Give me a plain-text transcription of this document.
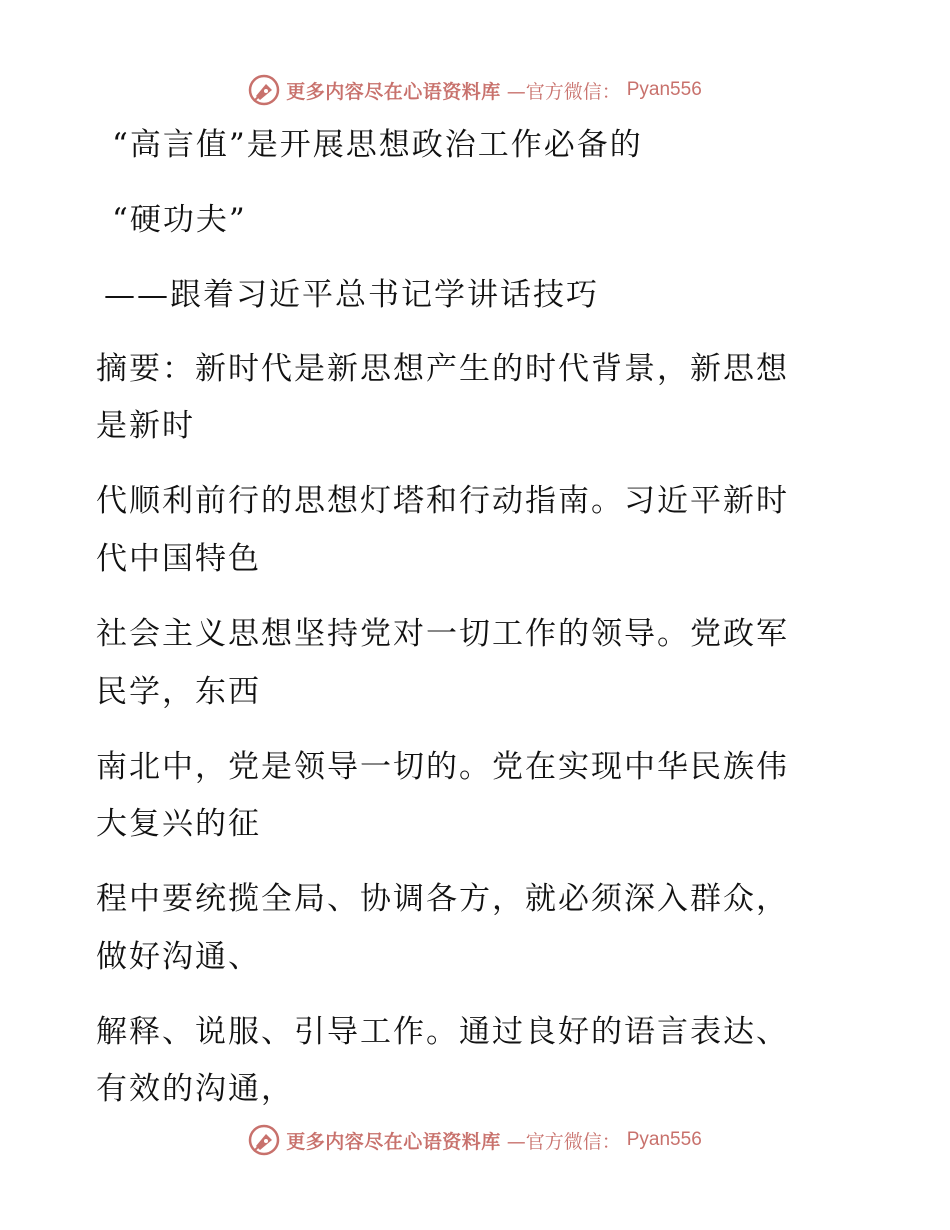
更多内容尽在心语资料库 —官方微信： Pyan556
“高言值”是开展思想政治工作必备的
“硬功夫”
——跟着习近平总书记学讲话技巧
摘要：新时代是新思想产生的时代背景，新思想
是新时
代顺利前行的思想灯塔和行动指南。习近平新时
代中国特色
社会主义思想坚持党对一切工作的领导。党政军
民学，东西
南北中，党是领导一切的。党在实现中华民族伟
大复兴的征
程中要统揽全局、协调各方，就必须深入群众，
做好沟通、
解释、说服、引导工作。通过良好的语言表达、
有效的沟通，
更多内容尽在心语资料库 —官方微信： Pyan556
